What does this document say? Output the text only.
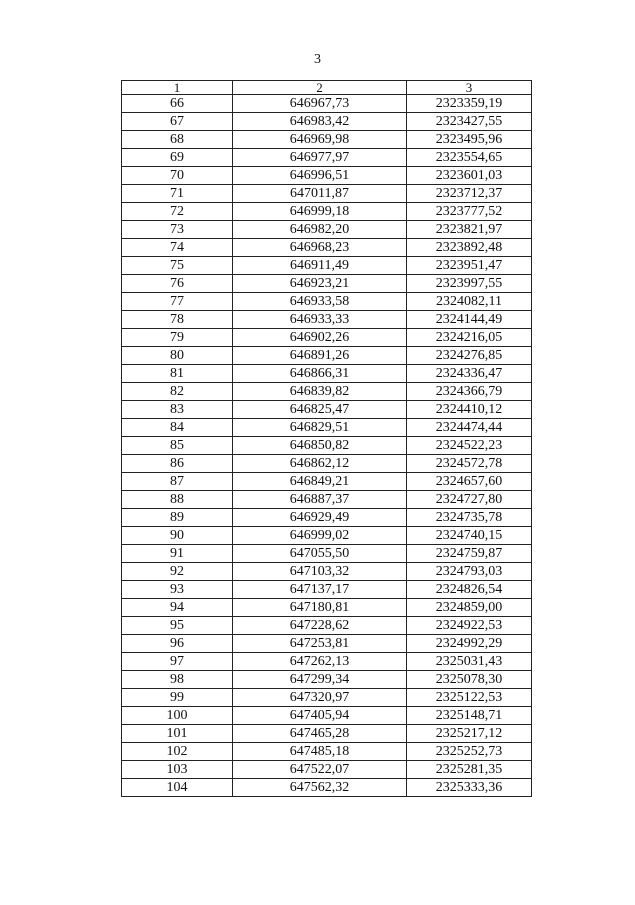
3
1	2	3
66	646967,73	2323359,19
67	646983,42	2323427,55
68	646969,98	2323495,96
69	646977,97	2323554,65
70	646996,51	2323601,03
71	647011,87	2323712,37
72	646999,18	2323777,52
73	646982,20	2323821,97
74	646968,23	2323892,48
75	646911,49	2323951,47
76	646923,21	2323997,55
77	646933,58	2324082,11
78	646933,33	2324144,49
79	646902,26	2324216,05
80	646891,26	2324276,85
81	646866,31	2324336,47
82	646839,82	2324366,79
83	646825,47	2324410,12
84	646829,51	2324474,44
85	646850,82	2324522,23
86	646862,12	2324572,78
87	646849,21	2324657,60
88	646887,37	2324727,80
89	646929,49	2324735,78
90	646999,02	2324740,15
91	647055,50	2324759,87
92	647103,32	2324793,03
93	647137,17	2324826,54
94	647180,81	2324859,00
95	647228,62	2324922,53
96	647253,81	2324992,29
97	647262,13	2325031,43
98	647299,34	2325078,30
99	647320,97	2325122,53
100	647405,94	2325148,71
101	647465,28	2325217,12
102	647485,18	2325252,73
103	647522,07	2325281,35
104	647562,32	2325333,36
